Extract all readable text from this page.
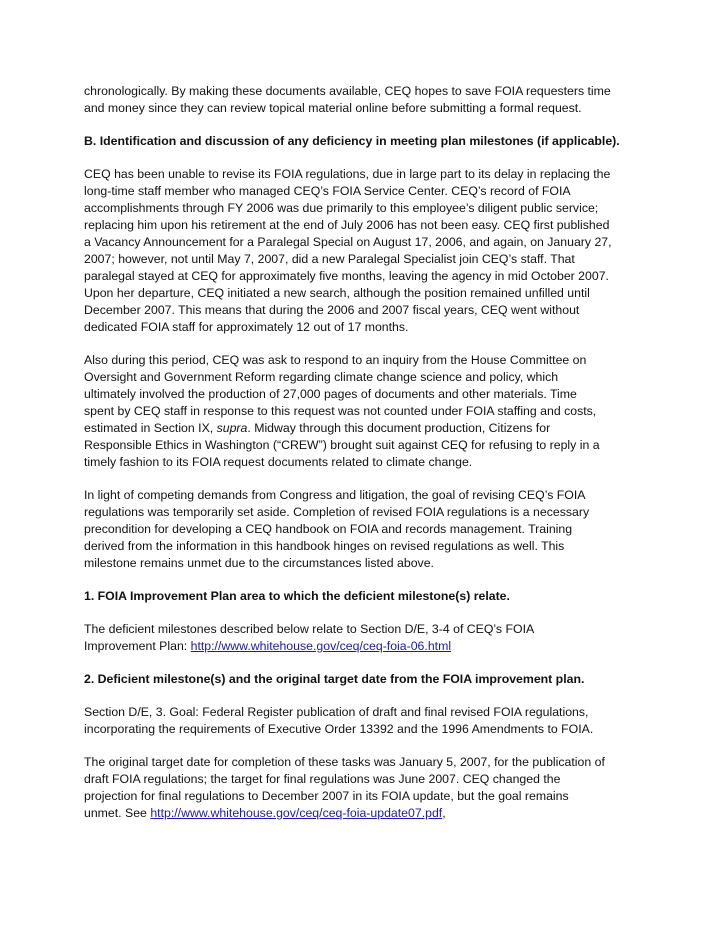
chronologically. By making these documents available, CEQ hopes to save FOIA requesters time
and money since they can review topical material online before submitting a formal request.

B. Identification and discussion of any deficiency in meeting plan milestones (if applicable).

CEQ has been unable to revise its FOIA regulations, due in large part to its delay in replacing the
long-time staff member who managed CEQ’s FOIA Service Center. CEQ’s record of FOIA
accomplishments through FY 2006 was due primarily to this employee’s diligent public service;
replacing him upon his retirement at the end of July 2006 has not been easy. CEQ first published
a Vacancy Announcement for a Paralegal Special on August 17, 2006, and again, on January 27,
2007; however, not until May 7, 2007, did a new Paralegal Specialist join CEQ’s staff. That
paralegal stayed at CEQ for approximately five months, leaving the agency in mid October 2007.
Upon her departure, CEQ initiated a new search, although the position remained unfilled until
December 2007. This means that during the 2006 and 2007 fiscal years, CEQ went without
dedicated FOIA staff for approximately 12 out of 17 months.

Also during this period, CEQ was ask to respond to an inquiry from the House Committee on
Oversight and Government Reform regarding climate change science and policy, which
ultimately involved the production of 27,000 pages of documents and other materials. Time
spent by CEQ staff in response to this request was not counted under FOIA staffing and costs,
estimated in Section IX, supra. Midway through this document production, Citizens for
Responsible Ethics in Washington (“CREW”) brought suit against CEQ for refusing to reply in a
timely fashion to its FOIA request documents related to climate change.

In light of competing demands from Congress and litigation, the goal of revising CEQ’s FOIA
regulations was temporarily set aside. Completion of revised FOIA regulations is a necessary
precondition for developing a CEQ handbook on FOIA and records management. Training
derived from the information in this handbook hinges on revised regulations as well. This
milestone remains unmet due to the circumstances listed above.

1. FOIA Improvement Plan area to which the deficient milestone(s) relate.

The deficient milestones described below relate to Section D/E, 3-4 of CEQ’s FOIA
Improvement Plan: http://www.whitehouse.gov/ceq/ceq-foia-06.html

2. Deficient milestone(s) and the original target date from the FOIA improvement plan.

Section D/E, 3. Goal: Federal Register publication of draft and final revised FOIA regulations,
incorporating the requirements of Executive Order 13392 and the 1996 Amendments to FOIA.

The original target date for completion of these tasks was January 5, 2007, for the publication of
draft FOIA regulations; the target for final regulations was June 2007. CEQ changed the
projection for final regulations to December 2007 in its FOIA update, but the goal remains
unmet. See http://www.whitehouse.gov/ceq/ceq-foia-update07.pdf,
